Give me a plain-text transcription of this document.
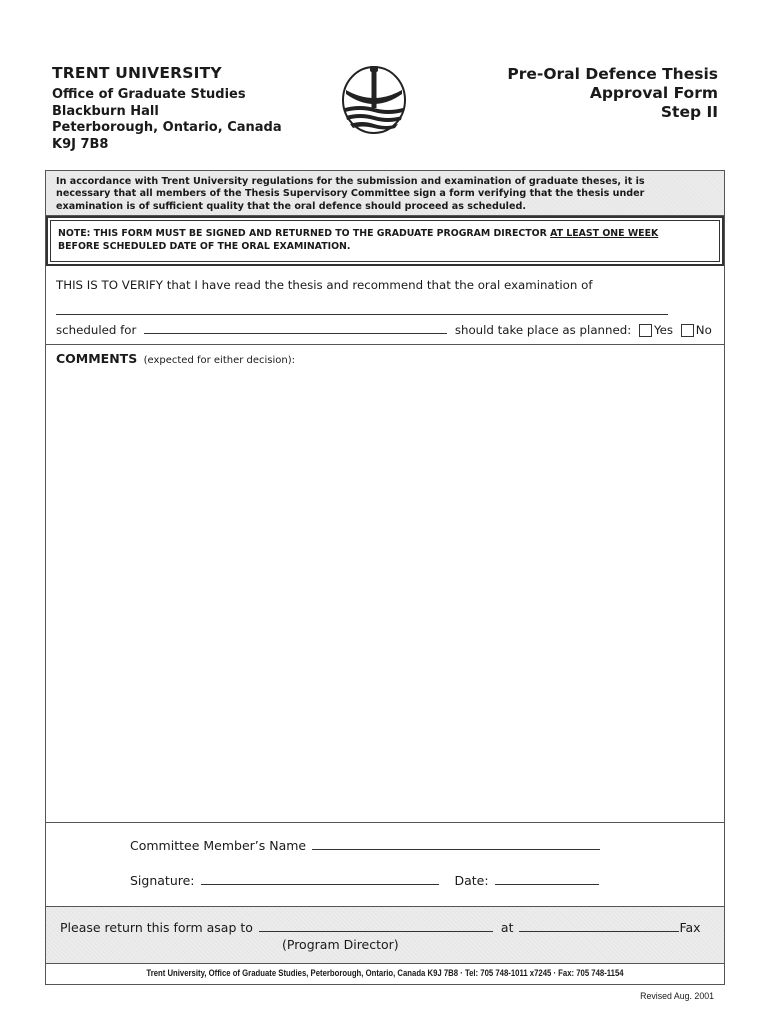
TRENT UNIVERSITY
Office of Graduate Studies
Blackburn Hall
Peterborough, Ontario, Canada
K9J 7B8
Pre-Oral Defence Thesis
Approval Form
Step II
In accordance with Trent University regulations for the submission and examination of graduate theses, it is
necessary that all members of the Thesis Supervisory Committee sign a form verifying that the thesis under
examination is of sufficient quality that the oral defence should proceed as scheduled.
NOTE: THIS FORM MUST BE SIGNED AND RETURNED TO THE GRADUATE PROGRAM DIRECTOR AT LEAST ONE WEEK
BEFORE SCHEDULED DATE OF THE ORAL EXAMINATION.
THIS IS TO VERIFY that I have read the thesis and recommend that the oral examination of
scheduled for	should take place as planned: Yes No
COMMENTS (expected for either decision):
Committee Member’s Name
Signature:	Date:
Please return this form asap to	at	Fax
(Program Director)
Trent University, Office of Graduate Studies, Peterborough, Ontario, Canada K9J 7B8 · Tel: 705 748-1011 x7245 · Fax: 705 748-1154
Revised Aug. 2001
